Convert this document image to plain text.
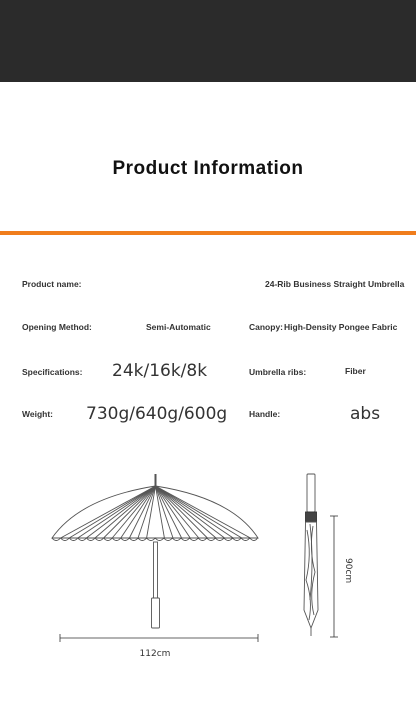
Product Information
Product name:	24-Rib Business Straight Umbrella
Opening Method:	Semi-Automatic	Canopy: High-Density Pongee Fabric
Specifications: 24k/16k/8k	Umbrella ribs:	Fiber
Weight: 730g/640g/600g	Handle:	abs
112cm
90cm
